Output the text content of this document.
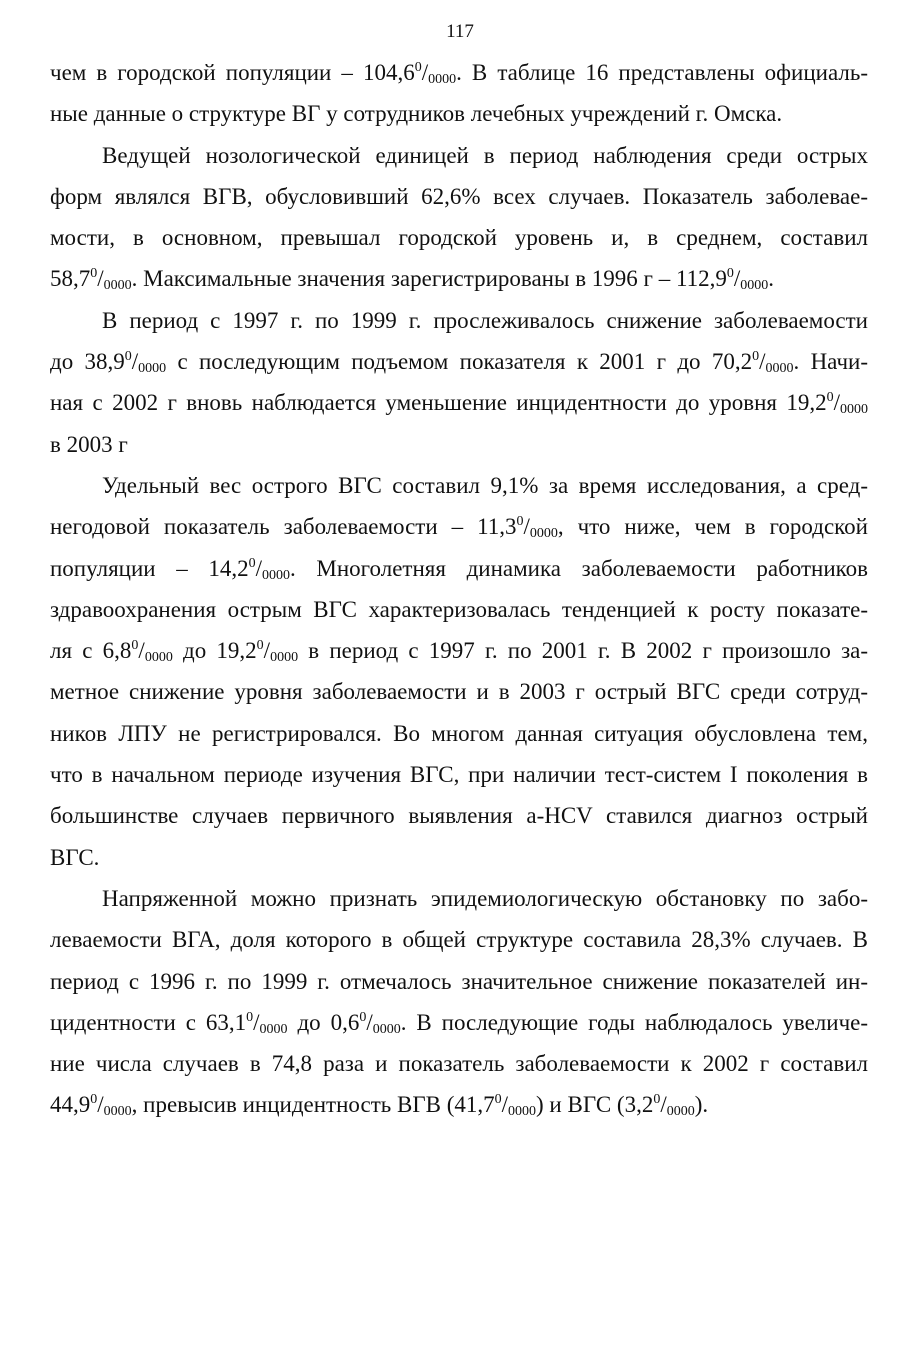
117
чем в городской популяции – $104,6^0/_{0000}$. В таблице 16 представлены официаль-
ные данные о структуре ВГ у сотрудников лечебных учреждений г. Омска.
Ведущей нозологической единицей в период наблюдения среди острых
форм являлся ВГВ, обусловивший 62,6% всех случаев. Показатель заболевае-
мости, в основном, превышал городской уровень и, в среднем, составил
$58,7^0/_{0000}$. Максимальные значения зарегистрированы в 1996 г – $112,9^0/_{0000}$.
В период с 1997 г. по 1999 г. прослеживалось снижение заболеваемости
до $38,9^0/_{0000}$ с последующим подъемом показателя к 2001 г до $70,2^0/_{0000}$. Начи-
ная с 2002 г вновь наблюдается уменьшение инцидентности до уровня $19,2^0/_{0000}$
в 2003 г
Удельный вес острого ВГС составил 9,1% за время исследования, а сред-
негодовой показатель заболеваемости – $11,3^0/_{0000}$, что ниже, чем в городской
популяции – $14,2^0/_{0000}$. Многолетняя динамика заболеваемости работников
здравоохранения острым ВГС характеризовалась тенденцией к росту показате-
ля с $6,8^0/_{0000}$ до $19,2^0/_{0000}$ в период с 1997 г. по 2001 г. В 2002 г произошло за-
метное снижение уровня заболеваемости и в 2003 г острый ВГС среди сотруд-
ников ЛПУ не регистрировался. Во многом данная ситуация обусловлена тем,
что в начальном периоде изучения ВГС, при наличии тест-систем I поколения в
большинстве случаев первичного выявления a-HCV ставился диагноз острый
ВГС.
Напряженной можно признать эпидемиологическую обстановку по забо-
леваемости ВГА, доля которого в общей структуре составила 28,3% случаев. В
период с 1996 г. по 1999 г. отмечалось значительное снижение показателей ин-
цидентности с $63,1^0/_{0000}$ до $0,6^0/_{0000}$. В последующие годы наблюдалось увеличе-
ние числа случаев в 74,8 раза и показатель заболеваемости к 2002 г составил
$44,9^0/_{0000}$, превысив инцидентность ВГВ $(41,7^0/_{0000})$ и ВГС $(3,2^0/_{0000})$.
